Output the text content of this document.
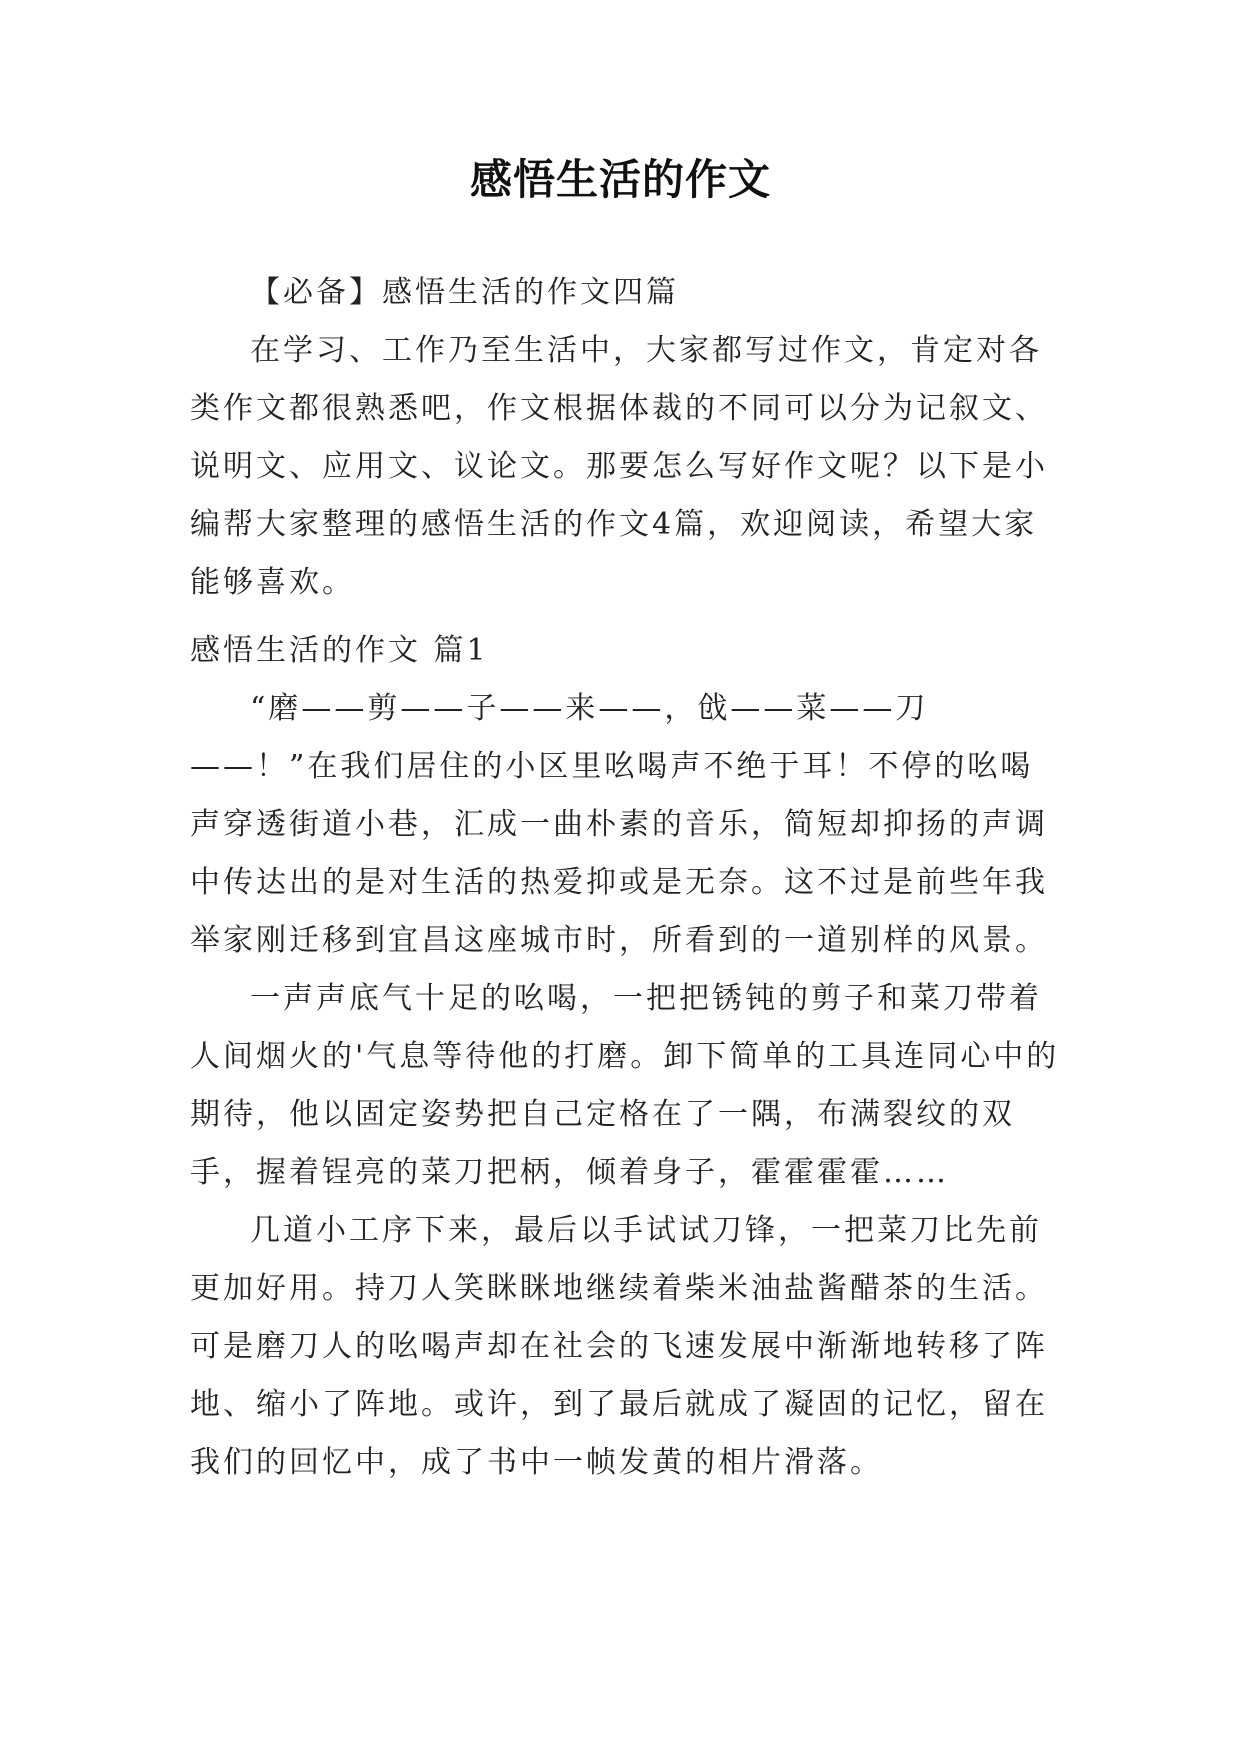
感悟生活的作文

【必备】感悟生活的作文四篇

在学习、工作乃至生活中，大家都写过作文，肯定对各类作文都很熟悉吧，作文根据体裁的不同可以分为记叙文、说明文、应用文、议论文。那要怎么写好作文呢？以下是小编帮大家整理的感悟生活的作文4篇，欢迎阅读，希望大家能够喜欢。

感悟生活的作文 篇1

“磨——剪——子——来——，戗——菜——刀——！”在我们居住的小区里吆喝声不绝于耳！不停的吆喝声穿透街道小巷，汇成一曲朴素的音乐，简短却抑扬的声调中传达出的是对生活的热爱抑或是无奈。这不过是前些年我举家刚迁移到宜昌这座城市时，所看到的一道别样的风景。

一声声底气十足的吆喝，一把把锈钝的剪子和菜刀带着人间烟火的'气息等待他的打磨。卸下简单的工具连同心中的期待，他以固定姿势把自己定格在了一隅，布满裂纹的双手，握着锃亮的菜刀把柄，倾着身子，霍霍霍霍……

几道小工序下来，最后以手试试刀锋，一把菜刀比先前更加好用。持刀人笑眯眯地继续着柴米油盐酱醋茶的生活。可是磨刀人的吆喝声却在社会的飞速发展中渐渐地转移了阵地、缩小了阵地。或许，到了最后就成了凝固的记忆，留在我们的回忆中，成了书中一帧发黄的相片滑落。
